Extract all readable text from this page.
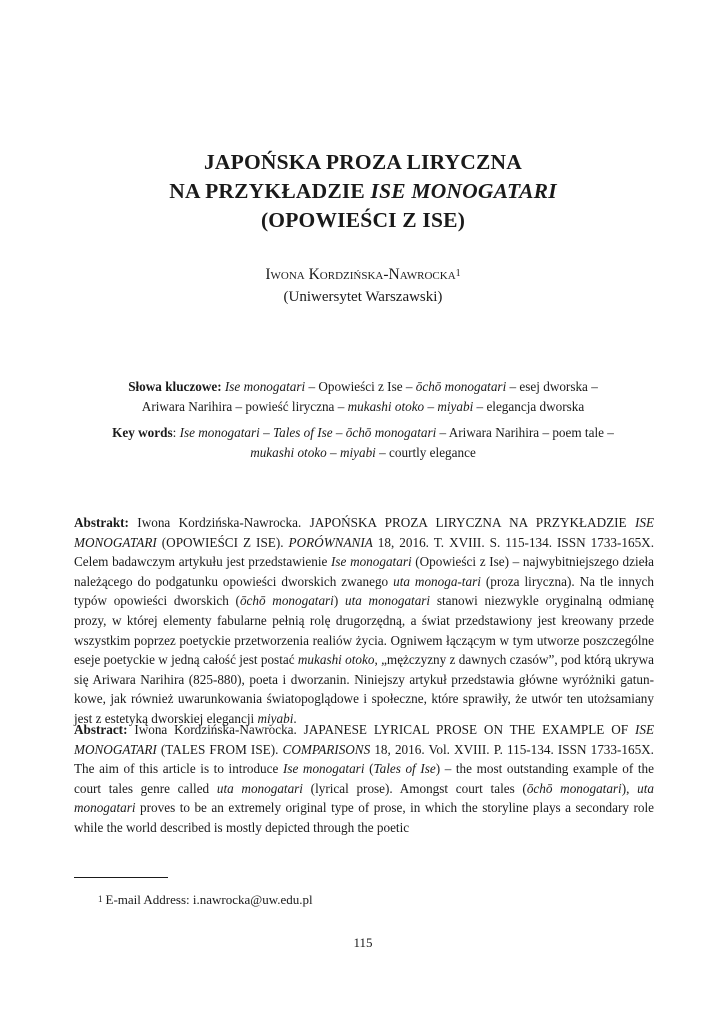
JAPOŃSKA PROZA LIRYCZNA
NA PRZYKŁADZIE ISE MONOGATARI
(OPOWIEŚCI Z ISE)
Iwona Kordzińska-Nawrocka$^1$
(Uniwersytet Warszawski)
Słowa kluczowe: Ise monogatari – Opowieści z Ise – ōchō monogatari – esej dworska –
Ariwara Narihira – powieść liryczna – mukashi otoko – miyabi – elegancja dworska
Key words: Ise monogatari – Tales of Ise – ōchō monogatari – Ariwara Narihira – poem tale –
mukashi otoko – miyabi – courtly elegance

Abstrakt: Iwona Kordzińska-Nawrocka. JAPOŃSKA PROZA LIRYCZNA NA PRZYKŁADZIE ISE MONOGATARI (OPOWIEŚCI Z ISE). PORÓWNANIA 18, 2016. T. XVIII. S. 115-134. ISSN 1733-165X. Celem badawczym artykułu jest przedstawienie Ise monogatari (Opowieści z Ise) – najwybitniejszego dzieła należącego do podgatunku opowieści dworskich zwanego uta monoga-tari (proza liryczna). Na tle innych typów opowieści dworskich (ōchō monogatari) uta monogatari stanowi niezwykle oryginalną odmianę prozy, w której elementy fabularne pełnią rolę drugorzędną, a świat przedstawiony jest kreowany przede wszystkim poprzez poetyckie przetworzenia realiów życia. Ogniwem łączącym w tym utworze poszczególne eseje poetyckie w jedną całość jest postać mukashi otoko, „mężczyzny z dawnych czasów”, pod którą ukrywa się Ariwara Narihira (825-880), poeta i dworzanin. Niniejszy artykuł przedstawia główne wyróżniki gatunkowe, jak również uwarunkowania światopoglądowe i społeczne, które sprawiły, że utwór ten utożsamiany jest z estetyką dworskiej elegancji miyabi.

Abstract: Iwona Kordzińska-Nawrocka. JAPANESE LYRICAL PROSE ON THE EXAMPLE OF ISE MONOGATARI (TALES FROM ISE). COMPARISONS 18, 2016. Vol. XVIII. P. 115-134. ISSN 1733-165X. The aim of this article is to introduce Ise monogatari (Tales of Ise) – the most outstanding example of the court tales genre called uta monogatari (lyrical prose). Amongst court tales (ōchō monogatari), uta monogatari proves to be an extremely original type of prose, in which the storyline plays a secondary role while the world described is mostly depicted through the poetic

$^1$ E-mail Address: i.nawrocka@uw.edu.pl
115
